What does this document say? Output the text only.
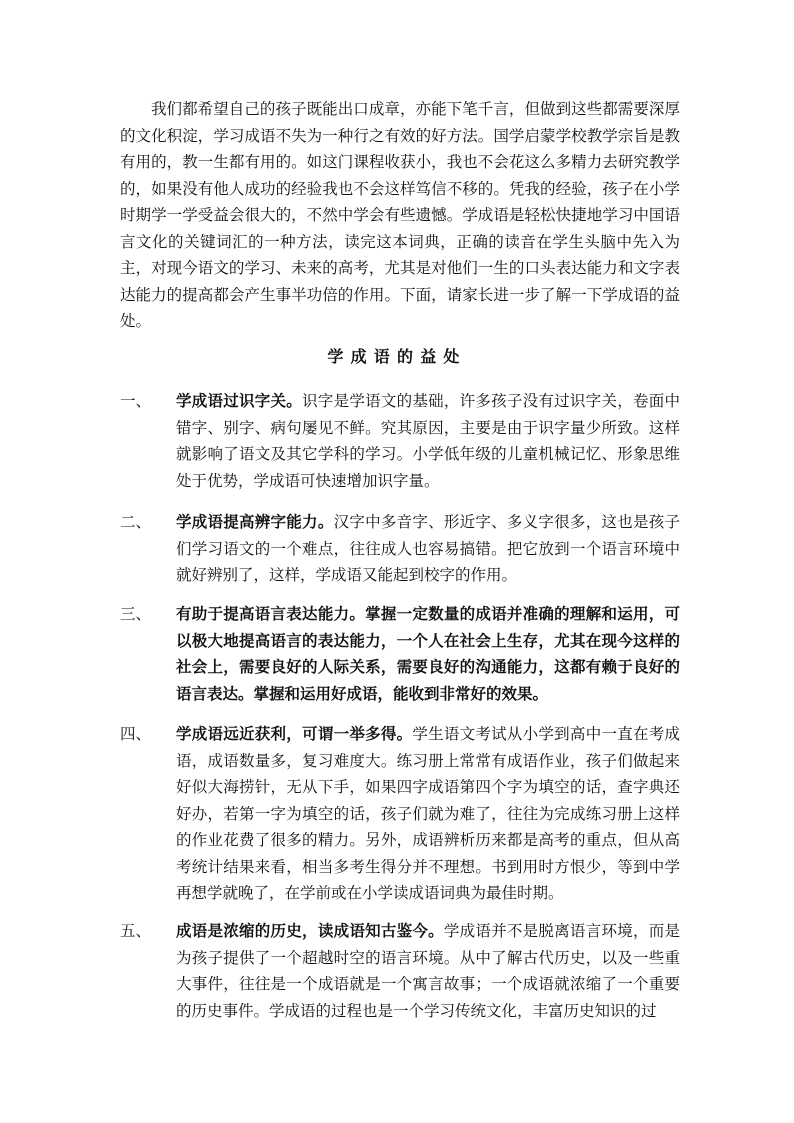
我们都希望自己的孩子既能出口成章，亦能下笔千言，但做到这些都需要深厚的文化积淀，学习成语不失为一种行之有效的好方法。国学启蒙学校教学宗旨是教有用的，教一生都有用的。如这门课程收获小，我也不会花这么多精力去研究教学的，如果没有他人成功的经验我也不会这样笃信不移的。凭我的经验，孩子在小学时期学一学受益会很大的，不然中学会有些遗憾。学成语是轻松快捷地学习中国语言文化的关键词汇的一种方法，读完这本词典，正确的读音在学生头脑中先入为主，对现今语文的学习、未来的高考，尤其是对他们一生的口头表达能力和文字表达能力的提高都会产生事半功倍的作用。下面，请家长进一步了解一下学成语的益处。

学成语的益处
一、 学成语过识字关。识字是学语文的基础，许多孩子没有过识字关，卷面中错字、别字、病句屡见不鲜。究其原因，主要是由于识字量少所致。这样就影响了语文及其它学科的学习。小学低年级的儿童机械记忆、形象思维处于优势，学成语可快速增加识字量。
二、 学成语提高辨字能力。汉字中多音字、形近字、多义字很多，这也是孩子们学习语文的一个难点，往往成人也容易搞错。把它放到一个语言环境中就好辨别了，这样，学成语又能起到校字的作用。
三、 有助于提高语言表达能力。掌握一定数量的成语并准确的理解和运用，可以极大地提高语言的表达能力，一个人在社会上生存，尤其在现今这样的社会上，需要良好的人际关系，需要良好的沟通能力，这都有赖于良好的语言表达。掌握和运用好成语，能收到非常好的效果。
四、 学成语远近获利，可谓一举多得。学生语文考试从小学到高中一直在考成语，成语数量多，复习难度大。练习册上常常有成语作业，孩子们做起来好似大海捞针，无从下手，如果四字成语第四个字为填空的话，查字典还好办，若第一字为填空的话，孩子们就为难了，往往为完成练习册上这样的作业花费了很多的精力。另外，成语辨析历来都是高考的重点，但从高考统计结果来看，相当多考生得分并不理想。书到用时方恨少，等到中学再想学就晚了，在学前或在小学读成语词典为最佳时期。
五、 成语是浓缩的历史，读成语知古鉴今。学成语并不是脱离语言环境，而是为孩子提供了一个超越时空的语言环境。从中了解古代历史，以及一些重大事件，往往是一个成语就是一个寓言故事；一个成语就浓缩了一个重要的历史事件。学成语的过程也是一个学习传统文化，丰富历史知识的过
